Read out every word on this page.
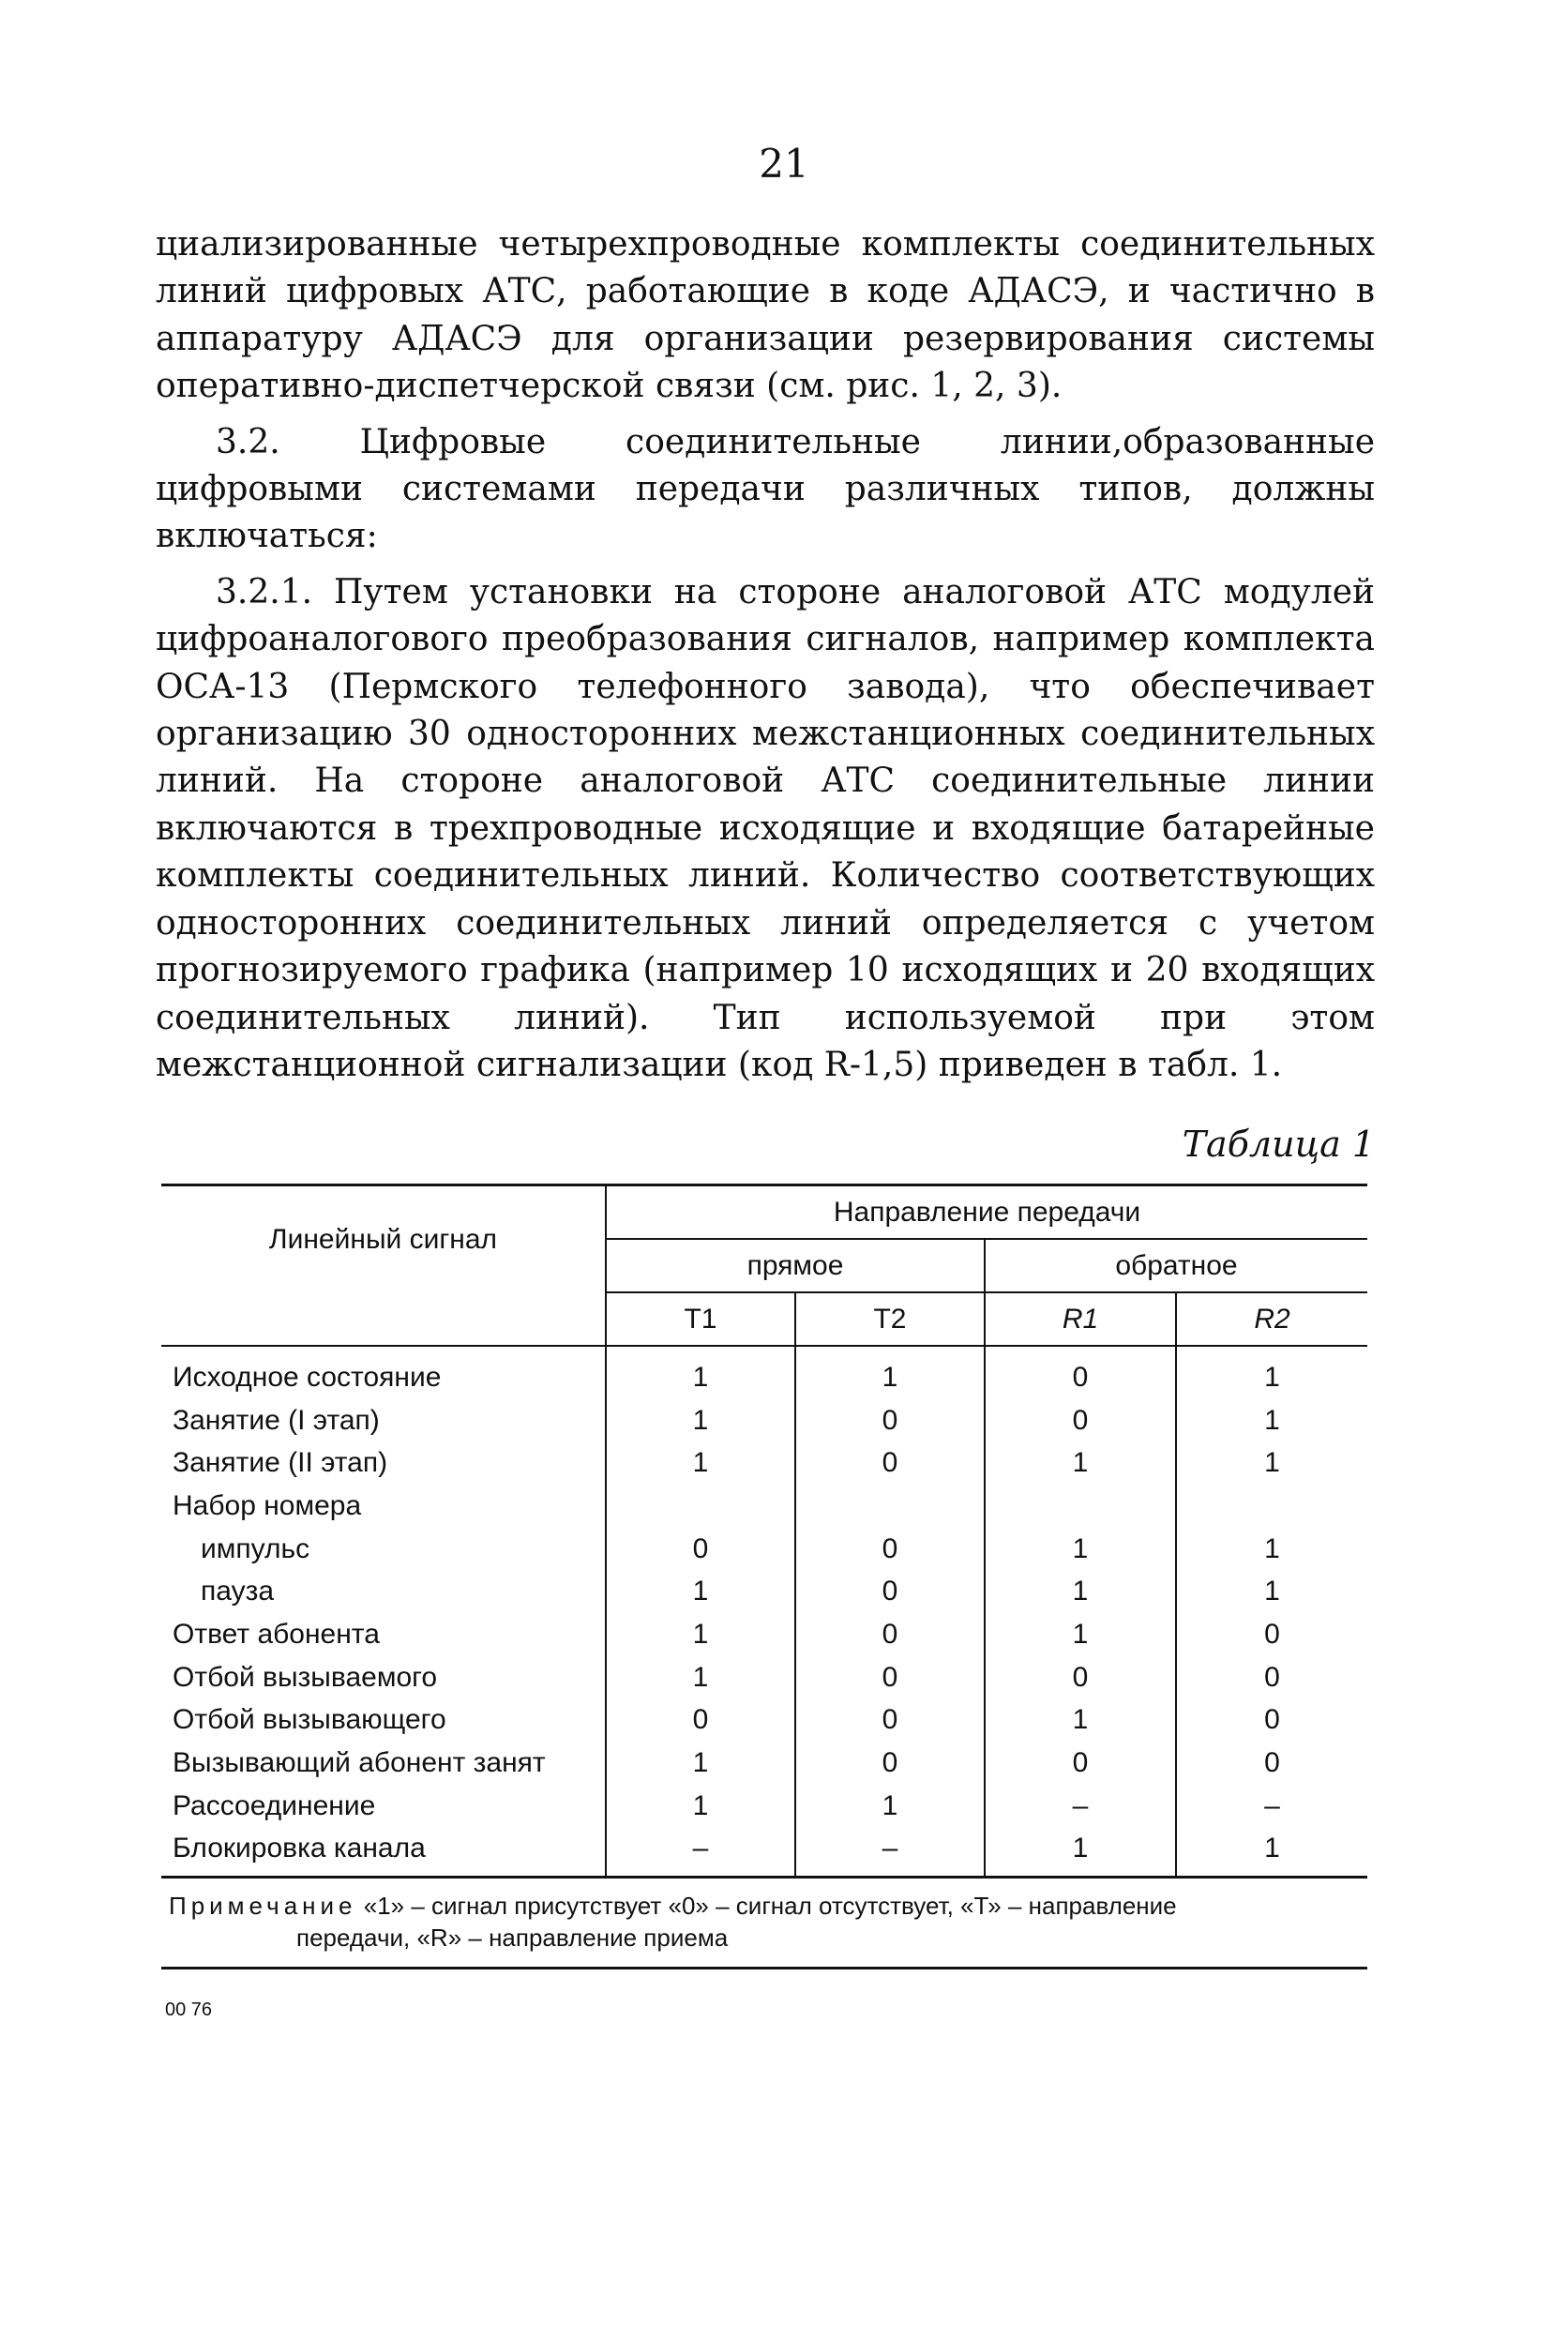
21

циализированные четырехпроводные комплекты соединительных линий цифровых АТС, работающие в коде АДАСЭ, и частично в аппаратуру АДАСЭ для организации резервирования системы оперативно-диспетчерской связи (см. рис. 1, 2, 3).

3.2. Цифровые соединительные линии,образованные цифровыми системами передачи различных типов, должны включаться:

3.2.1. Путем установки на стороне аналоговой АТС модулей цифроаналогового преобразования сигналов, например комплекта ОСА-13 (Пермского телефонного завода), что обеспечивает организацию 30 односторонних межстанционных соединительных линий. На стороне аналоговой АТС соединительные линии включаются в трехпроводные исходящие и входящие батарейные комплекты соединительных линий. Количество соответствующих односторонних соединительных линий определяется с учетом прогнозируемого графика (например 10 исходящих и 20 входящих соединительных линий). Тип используемой при этом межстанционной сигнализации (код R-1,5) приведен в табл. 1.

Таблица 1
Линейный сигнал	Направление передачи			
	прямое		обратное	
	Т1	Т2	R1	R2
Исходное состояние	1	1	0	1
Занятие (I этап)	1	0	0	1
Занятие (II этап)	1	0	1	1
Набор номера				
импульс	0	0	1	1
пауза	1	0	1	1
Ответ абонента	1	0	1	0
Отбой вызываемого	1	0	0	0
Отбой вызывающего	0	0	1	0
Вызывающий абонент занят	1	0	0	0
Рассоединение	1	1	–	–
Блокировка канала	–	–	1	1
Примечание «1» – сигнал присутствует «0» – сигнал отсутствует, «Т» – направление
передачи, «R» – направление приема
00 76
